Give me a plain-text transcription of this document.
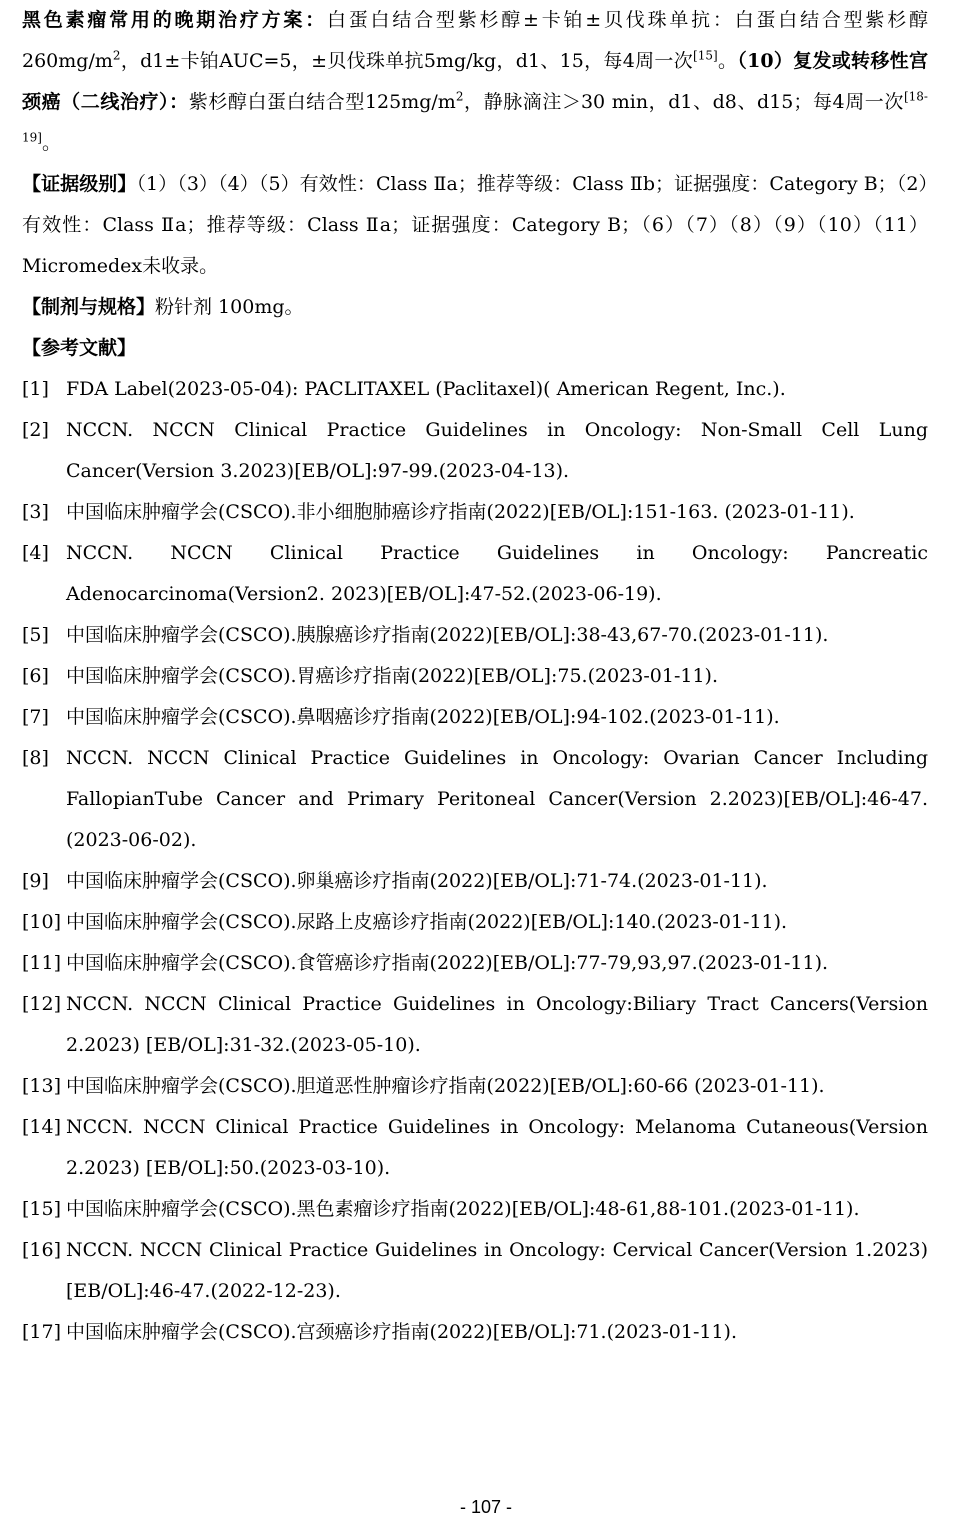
黑色素瘤常用的晚期治疗方案：白蛋白结合型紫杉醇±卡铂±贝伐珠单抗：白蛋白结合型紫杉醇$260mg/m^2$，d1±卡铂AUC=5，±贝伐珠单抗5mg/kg，d1、15，每4周一次[15]。（10）复发或转移性宫颈癌（二线治疗）：紫杉醇白蛋白结合型$125mg/m^2$，静脉滴注＞30 min，d1、d8、d15；每4周一次[18-19]。

【证据级别】（1）（3）（4）（5）有效性：Class Ⅱa；推荐等级：Class Ⅱb；证据强度：Category B；（2）有效性：Class Ⅱa；推荐等级：Class Ⅱa；证据强度：Category B；（6）（7）（8）（9）（10）（11）Micromedex未收录。

【制剂与规格】粉针剂 100mg。

【参考文献】

[1] FDA Label(2023-05-04): PACLITAXEL (Paclitaxel)( American Regent, Inc.).
[2] NCCN. NCCN Clinical Practice Guidelines in Oncology: Non-Small Cell Lung Cancer(Version 3.2023)[EB/OL]:97-99.(2023-04-13).
[3] 中国临床肿瘤学会(CSCO).非小细胞肺癌诊疗指南(2022)[EB/OL]:151-163. (2023-01-11).
[4] NCCN. NCCN Clinical Practice Guidelines in Oncology: Pancreatic Adenocarcinoma(Version2. 2023)[EB/OL]:47-52.(2023-06-19).
[5] 中国临床肿瘤学会(CSCO).胰腺癌诊疗指南(2022)[EB/OL]:38-43,67-70.(2023-01-11).
[6] 中国临床肿瘤学会(CSCO).胃癌诊疗指南(2022)[EB/OL]:75.(2023-01-11).
[7] 中国临床肿瘤学会(CSCO).鼻咽癌诊疗指南(2022)[EB/OL]:94-102.(2023-01-11).
[8] NCCN. NCCN Clinical Practice Guidelines in Oncology: Ovarian Cancer Including FallopianTube Cancer and Primary Peritoneal Cancer(Version 2.2023)[EB/OL]:46-47.(2023-06-02).
[9] 中国临床肿瘤学会(CSCO).卵巢癌诊疗指南(2022)[EB/OL]:71-74.(2023-01-11).
[10] 中国临床肿瘤学会(CSCO).尿路上皮癌诊疗指南(2022)[EB/OL]:140.(2023-01-11).
[11] 中国临床肿瘤学会(CSCO).食管癌诊疗指南(2022)[EB/OL]:77-79,93,97.(2023-01-11).
[12] NCCN. NCCN Clinical Practice Guidelines in Oncology:Biliary Tract Cancers(Version 2.2023) [EB/OL]:31-32.(2023-05-10).
[13] 中国临床肿瘤学会(CSCO).胆道恶性肿瘤诊疗指南(2022)[EB/OL]:60-66 (2023-01-11).
[14] NCCN. NCCN Clinical Practice Guidelines in Oncology: Melanoma Cutaneous(Version 2.2023) [EB/OL]:50.(2023-03-10).
[15] 中国临床肿瘤学会(CSCO).黑色素瘤诊疗指南(2022)[EB/OL]:48-61,88-101.(2023-01-11).
[16] NCCN. NCCN Clinical Practice Guidelines in Oncology: Cervical Cancer(Version 1.2023) [EB/OL]:46-47.(2022-12-23).
[17] 中国临床肿瘤学会(CSCO).宫颈癌诊疗指南(2022)[EB/OL]:71.(2023-01-11).
- 107 -
